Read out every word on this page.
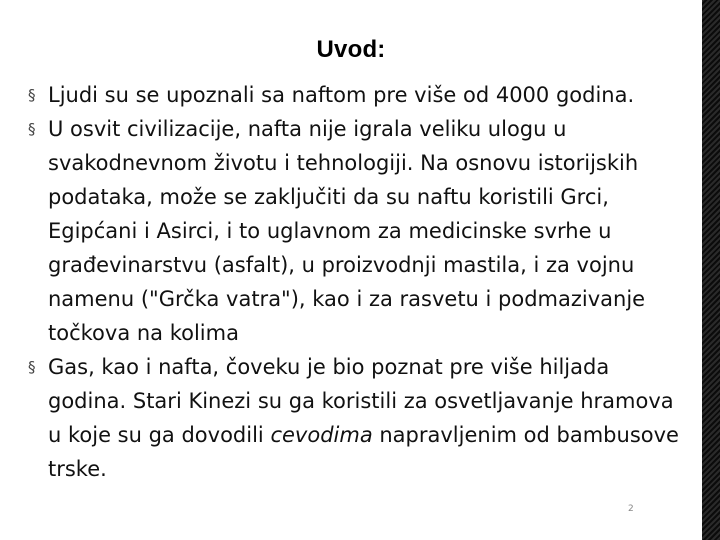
Uvod:
§ Ljudi su se upoznali sa naftom pre više od 4000 godina.
§ U osvit civilizacije, nafta nije igrala veliku ulogu u svakodnevnom životu i tehnologiji. Na osnovu istorijskih podataka, može se zaključiti da su naftu koristili Grci, Egipćani i Asirci, i to uglavnom za medicinske svrhe u građevinarstvu (asfalt), u proizvodnji mastila, i za vojnu namenu ("Grčka vatra"), kao i za rasvetu i podmazivanje točkova na kolima
§ Gas, kao i nafta, čoveku je bio poznat pre više hiljada godina. Stari Kinezi su ga koristili za osvetljavanje hramova u koje su ga dovodili cevodima napravljenim od bambusove trske.
2
